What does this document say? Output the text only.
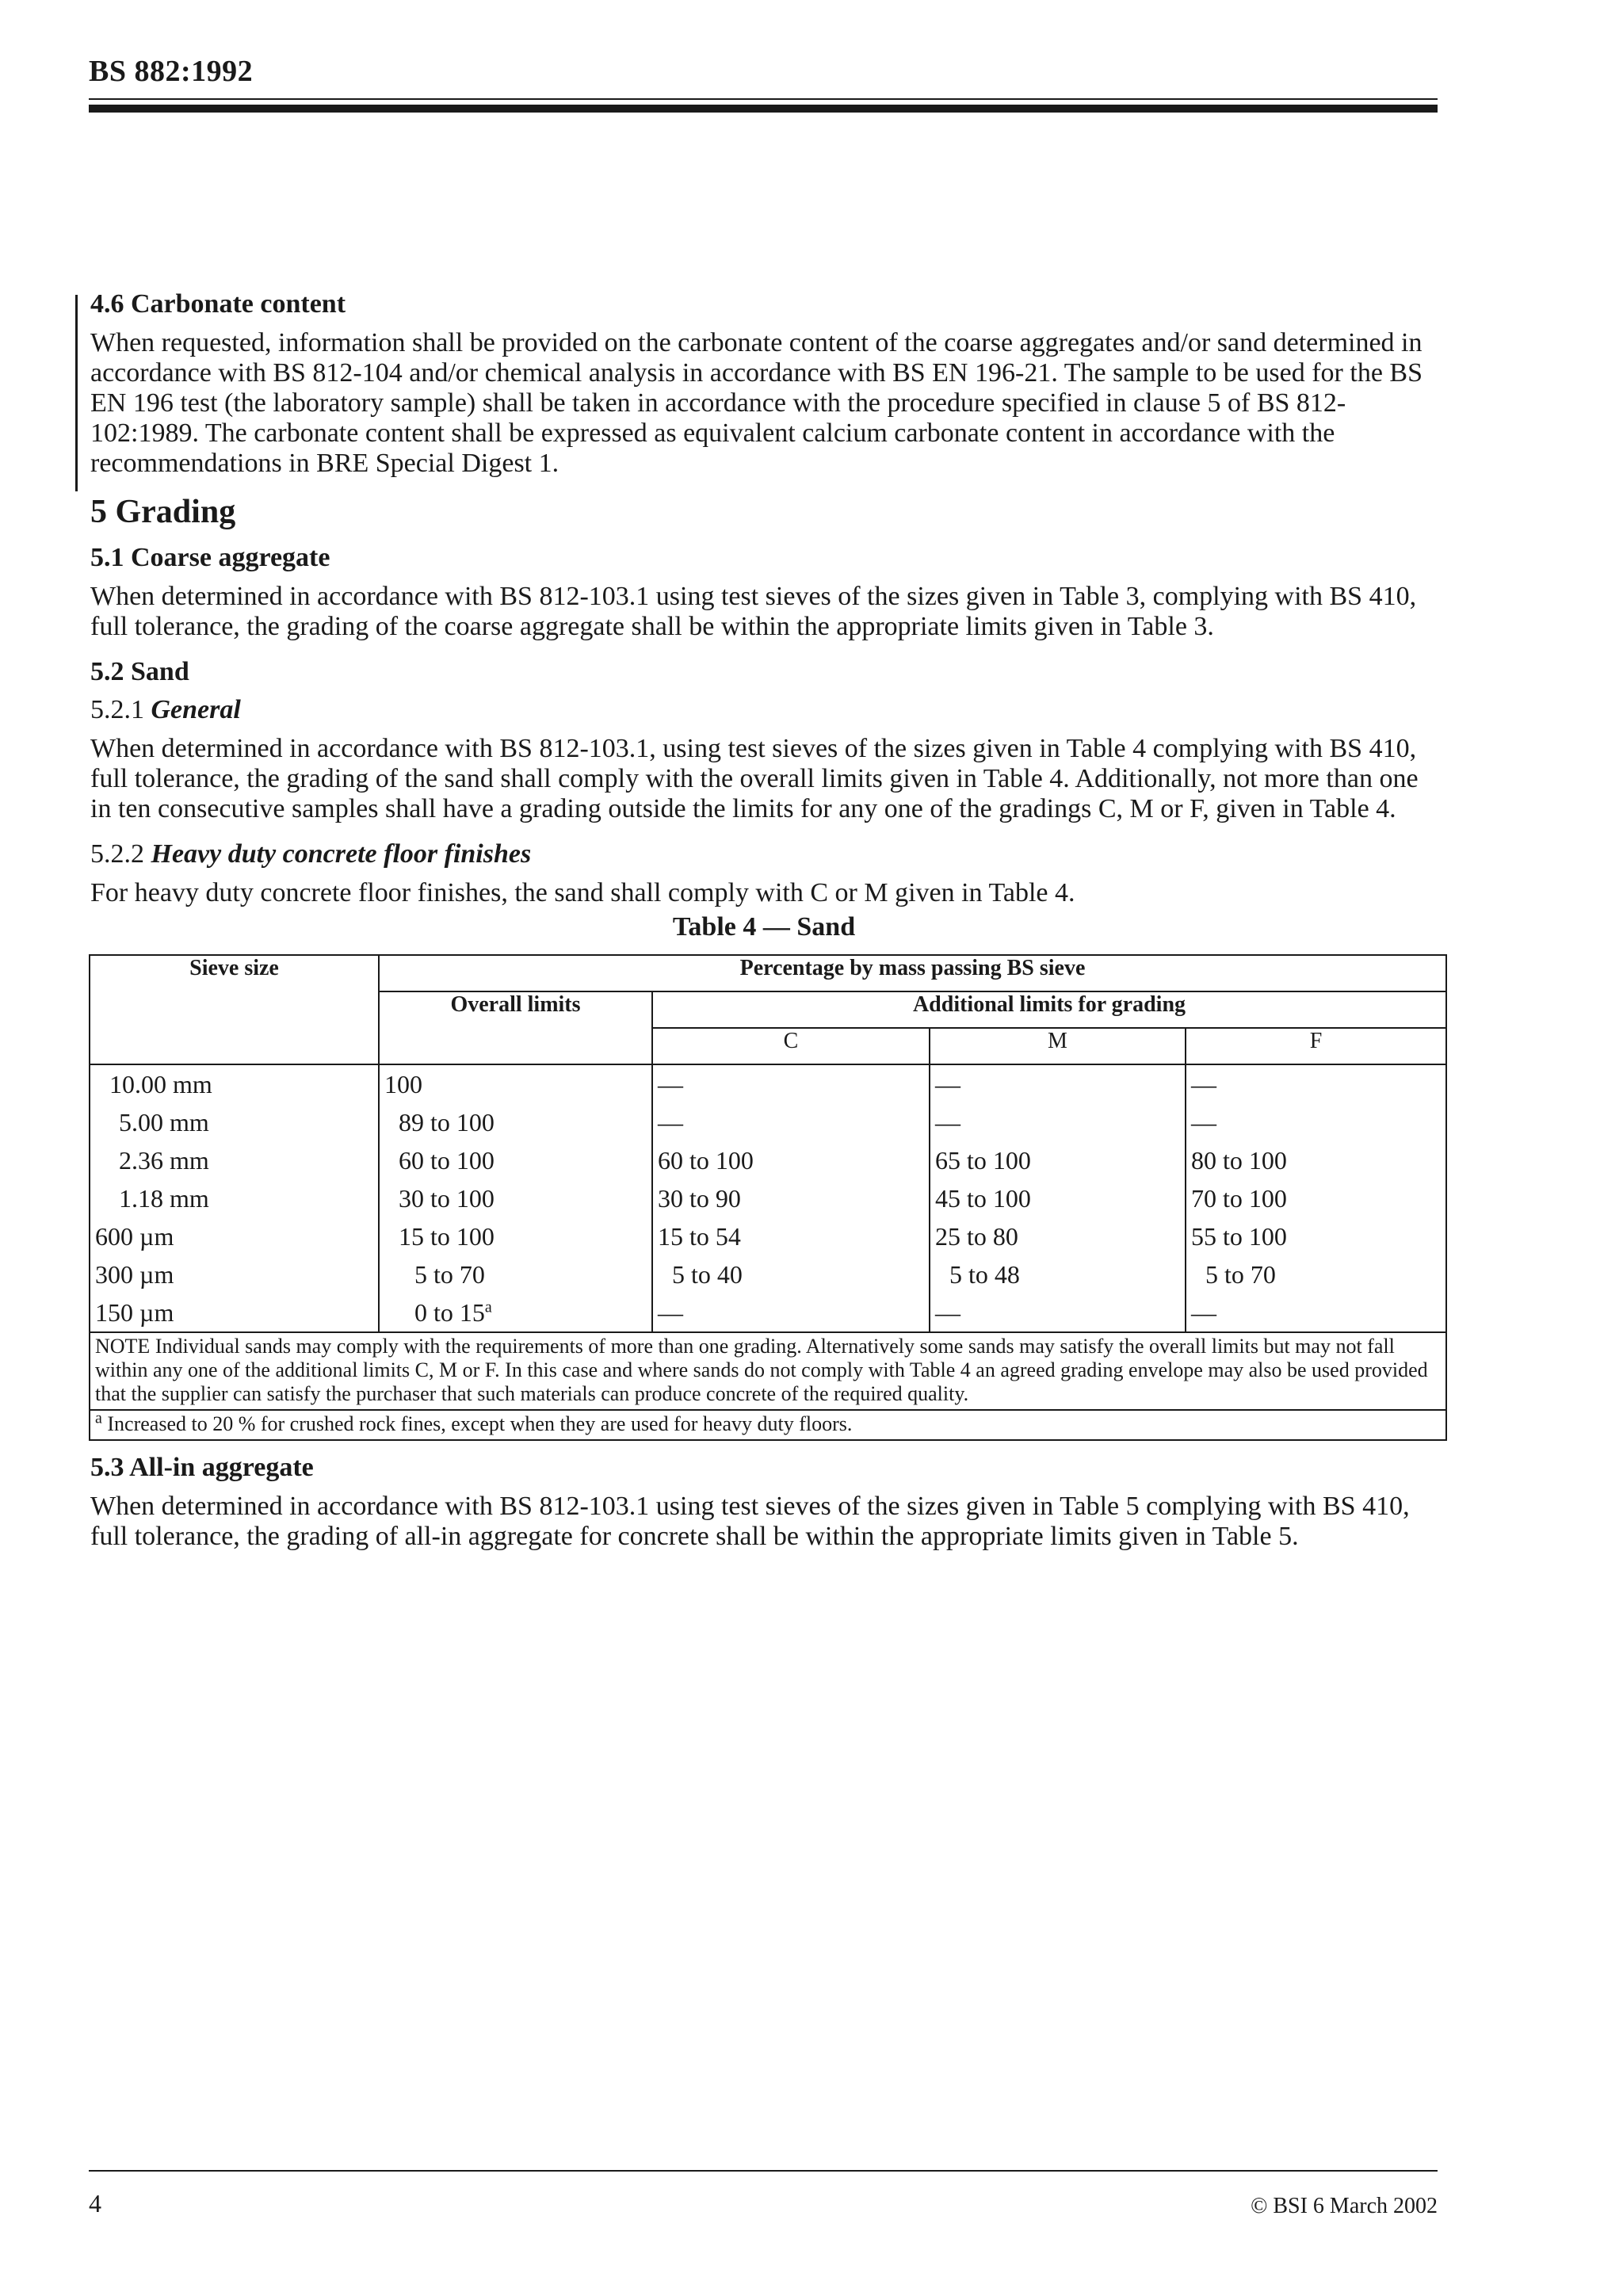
BS 882:1992

4.6 Carbonate content

When requested, information shall be provided on the carbonate content of the coarse aggregates and/or sand determined in accordance with BS 812-104 and/or chemical analysis in accordance with BS EN 196-21. The sample to be used for the BS EN 196 test (the laboratory sample) shall be taken in accordance with the procedure specified in clause 5 of BS 812-102:1989. The carbonate content shall be expressed as equivalent calcium carbonate content in accordance with the recommendations in BRE Special Digest 1.

5 Grading

5.1 Coarse aggregate

When determined in accordance with BS 812-103.1 using test sieves of the sizes given in Table 3, complying with BS 410, full tolerance, the grading of the coarse aggregate shall be within the appropriate limits given in Table 3.

5.2 Sand

5.2.1 General

When determined in accordance with BS 812-103.1, using test sieves of the sizes given in Table 4 complying with BS 410, full tolerance, the grading of the sand shall comply with the overall limits given in Table 4. Additionally, not more than one in ten consecutive samples shall have a grading outside the limits for any one of the gradings C, M or F, given in Table 4.

5.2.2 Heavy duty concrete floor finishes

For heavy duty concrete floor finishes, the sand shall comply with C or M given in Table 4.

Table 4 — Sand

Sieve size	Percentage by mass passing BS sieve			
	Overall limits	Additional limits for grading		
		C	M	F
10.00 mm	100	—	—	—
5.00 mm	89 to 100	—	—	—
2.36 mm	60 to 100	60 to 100	65 to 100	80 to 100
1.18 mm	30 to 100	30 to 90	45 to 100	70 to 100
600 µm	15 to 100	15 to 54	25 to 80	55 to 100
300 µm	5 to 70	5 to 40	5 to 48	5 to 70
150 µm	0 to 15$^a$	—	—	—
NOTE Individual sands may comply with the requirements of more than one grading. Alternatively some sands may satisfy the overall limits but may not fall within any one of the additional limits C, M or F. In this case and where sands do not comply with Table 4 an agreed grading envelope may also be used provided that the supplier can satisfy the purchaser that such materials can produce concrete of the required quality.				
$^a$ Increased to 20 % for crushed rock fines, except when they are used for heavy duty floors.				

5.3 All-in aggregate

When determined in accordance with BS 812-103.1 using test sieves of the sizes given in Table 5 complying with BS 410, full tolerance, the grading of all-in aggregate for concrete shall be within the appropriate limits given in Table 5.

4	© BSI 6 March 2002
